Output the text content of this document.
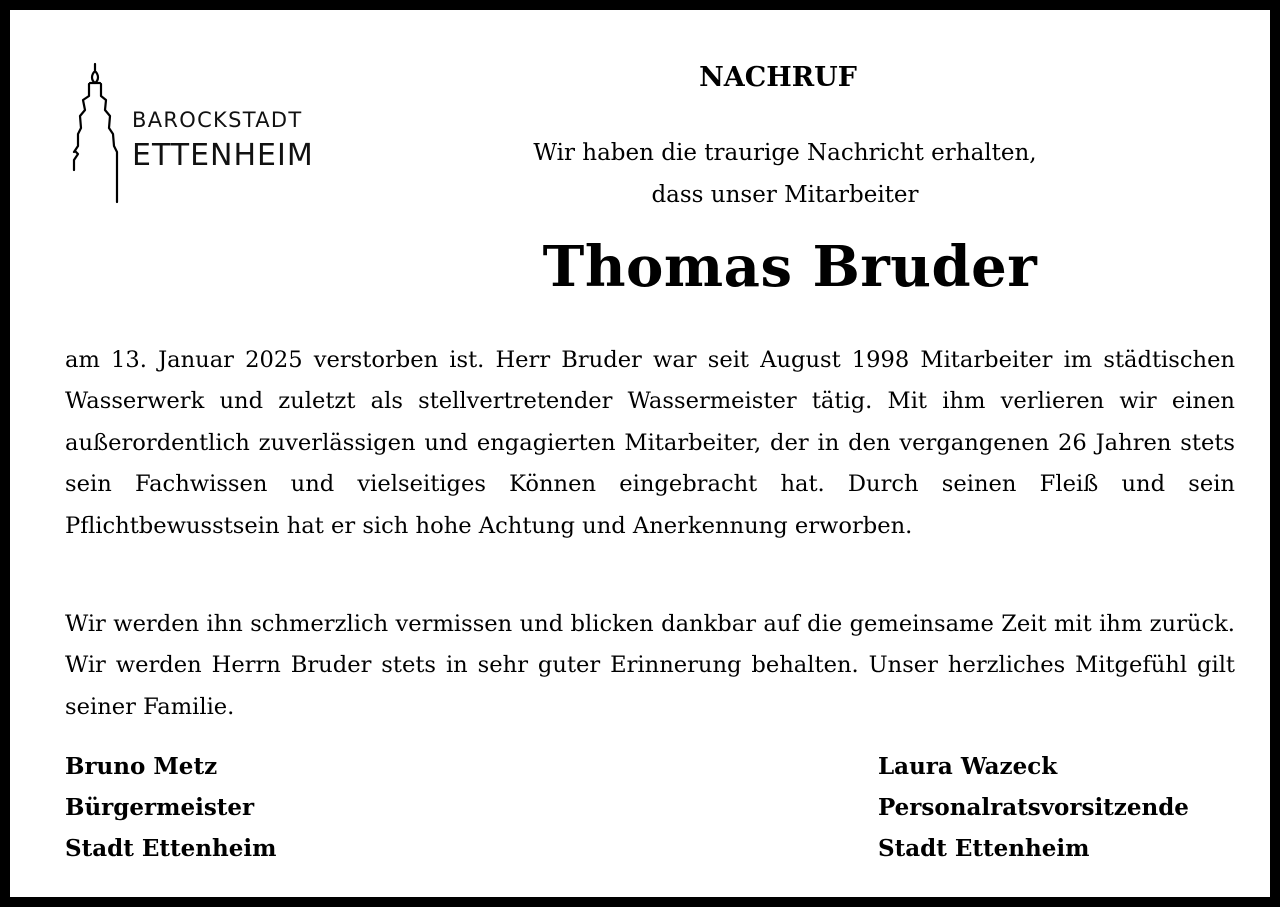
BAROCKSTADT
ETTENHEIM
NACHRUF
Wir haben die traurige Nachricht erhalten,
dass unser Mitarbeiter
Thomas Bruder
am 13. Januar 2025 verstorben ist. Herr Bruder war seit August 1998 Mitarbeiter im städtischen Wasserwerk und zuletzt als stellvertretender Wassermeister tätig. Mit ihm verlieren wir einen außerordentlich zuverlässigen und engagierten Mitarbeiter, der in den vergangenen 26 Jahren stets sein Fachwissen und vielseitiges Können eingebracht hat. Durch seinen Fleiß und sein Pflichtbewusstsein hat er sich hohe Achtung und Anerkennung erworben.
Wir werden ihn schmerzlich vermissen und blicken dankbar auf die gemeinsame Zeit mit ihm zurück. Wir werden Herrn Bruder stets in sehr guter Erinnerung behalten. Unser herzliches Mitgefühl gilt seiner Familie.
Bruno Metz
Bürgermeister
Stadt Ettenheim
Laura Wazeck
Personalratsvorsitzende
Stadt Ettenheim
